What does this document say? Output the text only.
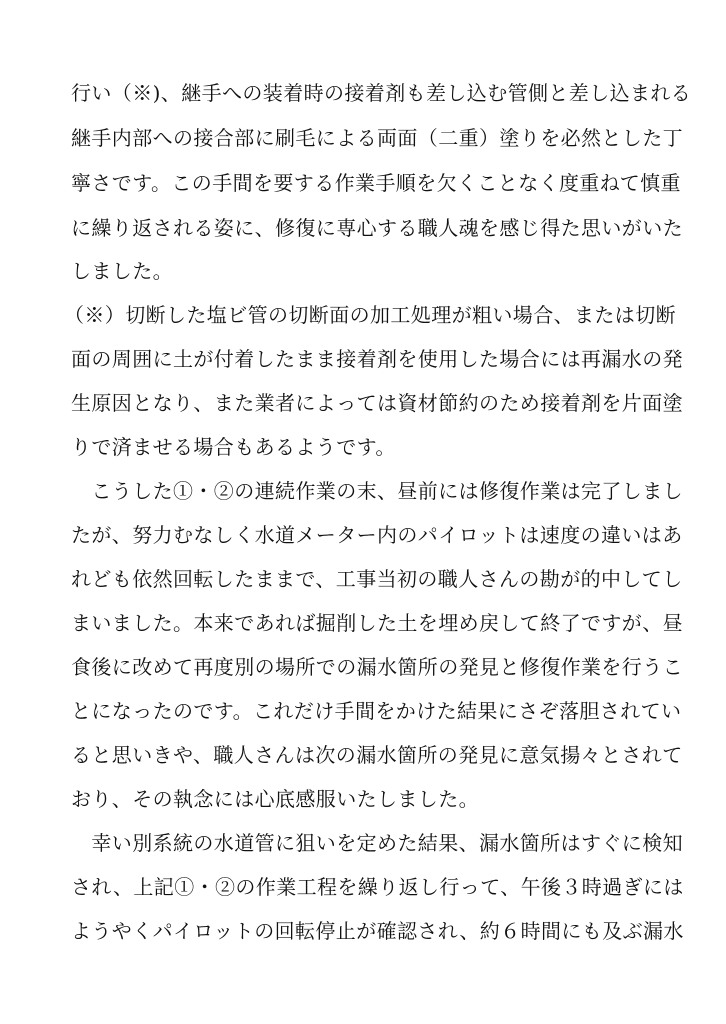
行い（※)、継手への装着時の接着剤も差し込む管側と差し込まれる
継手内部への接合部に刷毛による両面（二重）塗りを必然とした丁
寧さです。この手間を要する作業手順を欠くことなく度重ねて慎重
に繰り返される姿に、修復に専心する職人魂を感じ得た思いがいた
しました。
（※）切断した塩ビ管の切断面の加工処理が粗い場合、または切断
面の周囲に土が付着したまま接着剤を使用した場合には再漏水の発
生原因となり、また業者によっては資材節約のため接着剤を片面塗
りで済ませる場合もあるようです。
　こうした①・②の連続作業の末、昼前には修復作業は完了しまし
たが、努力むなしく水道メーター内のパイロットは速度の違いはあ
れども依然回転したままで、工事当初の職人さんの勘が的中してし
まいました。本来であれば掘削した土を埋め戻して終了ですが、昼
食後に改めて再度別の場所での漏水箇所の発見と修復作業を行うこ
とになったのです。これだけ手間をかけた結果にさぞ落胆されてい
ると思いきや、職人さんは次の漏水箇所の発見に意気揚々とされて
おり、その執念には心底感服いたしました。
　幸い別系統の水道管に狙いを定めた結果、漏水箇所はすぐに検知
され、上記①・②の作業工程を繰り返し行って、午後３時過ぎには
ようやくパイロットの回転停止が確認され、約６時間にも及ぶ漏水
